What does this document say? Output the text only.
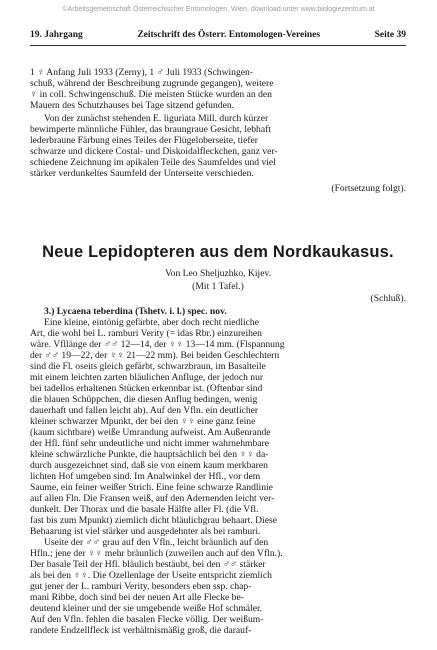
©Arbeitsgemeinschaft Österreichischer Entomologen, Wien, download unter www.biologiezentrum.at
19. Jahrgang	Zeitschrift des Österr. Entomologen-Vereines	Seite 39
1 ♀ Anfang Juli 1933 (Zerny), 1 ♂ Juli 1933 (Schwingen-
schuß, während der Beschreibung zugrunde gegangen), weitere
♀ in coll. Schwingenschuß. Die meisten Stücke wurden an den
Mauern des Schutzhauses bei Tage sitzend gefunden.
Von der zunächst stehenden E. liguriata Mill. durch kürzer
bewimperte männliche Fühler, das braungraue Gesicht, lebhaft
lederbraune Färbung eines Teiles der Flügeloberseite, tiefer
schwarze und dickere Costal- und Diskoidalfleckchen, ganz ver-
schiedene Zeichnung im apikalen Teile des Saumfeldes und viel
stärker verdunkeltes Saumfeld der Unterseite verschieden.
(Fortsetzung folgt).
Neue Lepidopteren aus dem Nordkaukasus.
Von Leo Sheljuzhko, Kijev.
(Mit 1 Tafel.)
(Schluß).
3.) Lycaena teberdina (Tshetv. i. l.) spec. nov.
Eine kleine, eintönig gefärbte, aber doch recht niedliche
Art, die wohl bei L. ramburi Verity (= idas Rbr.) einzureihen
wäre. Vfllänge der ♂♂ 12—14, der ♀♀ 13—14 mm. (Flspannung
der ♂♂ 19—22, der ♀♀ 21—22 mm). Bei beiden Geschlechtern
sind die Fl. oseits gleich gefärbt, schwarzbraun, im Basalteile
mit einem leichten zarten bläulichen Anfluge, der jedoch nur
bei tadellos erhaltenen Stücken erkennbar ist. (Oftenbar sind
die blauen Schüppchen, die diesen Anflug bedingen, wenig
dauerhaft und fallen leicht ab). Auf den Vfln. ein deutlicher
kleiner schwarzer Mpunkt, der bei den ♀♀ eine ganz feine
(kaum sichtbare) weiße Umrandung aufweist. Am Außenrande
der Hfl. fünf sehr undeutliche und nicht immer wahrnehmbare
kleine schwärzliche Punkte, die hauptsächlich bei den ♀♀ da-
durch ausgezeichnet sind, daß sie von einem kaum merkbaren
lichten Hof umgeben sind. Im Analwinkel der Hfl., vor dem
Saume, ein feiner weißer Strich. Eine feine schwarze Randlinie
auf allen Fln. Die Fransen weiß, auf den Adernenden leicht ver-
dunkelt. Der Thorax und die basale Hälfte aller Fl. (die Vfl.
fast bis zum Mpunkt) ziemlich dicht bläulichgrau behaart. Diese
Behaarung ist viel stärker und ausgedehnter als bei ramburi.
Useite der ♂♂ grau auf den Vfln., leicht bräunlich auf den
Hfln.; jene der ♀♀ mehr bräunlich (zuweilen auch auf den Vfln.).
Der basale Teil der Hfl. bläulich bestäubt, bei den ♂♂ stärker
als bei den ♀♀. Die Ozellenlage der Useite entspricht ziemlich
gut jener der L. ramburi Verity, besonders eben ssp. chap-
mani Ribbe, doch sind bei der neuen Art alle Flecke be-
deutend kleiner und der sie umgebende weiße Hof schmäler.
Auf den Vfln. fehlen die basalen Flecke völlig. Der weißum-
randete Endzellfleck ist verhältnismäßig groß, die darauf-
